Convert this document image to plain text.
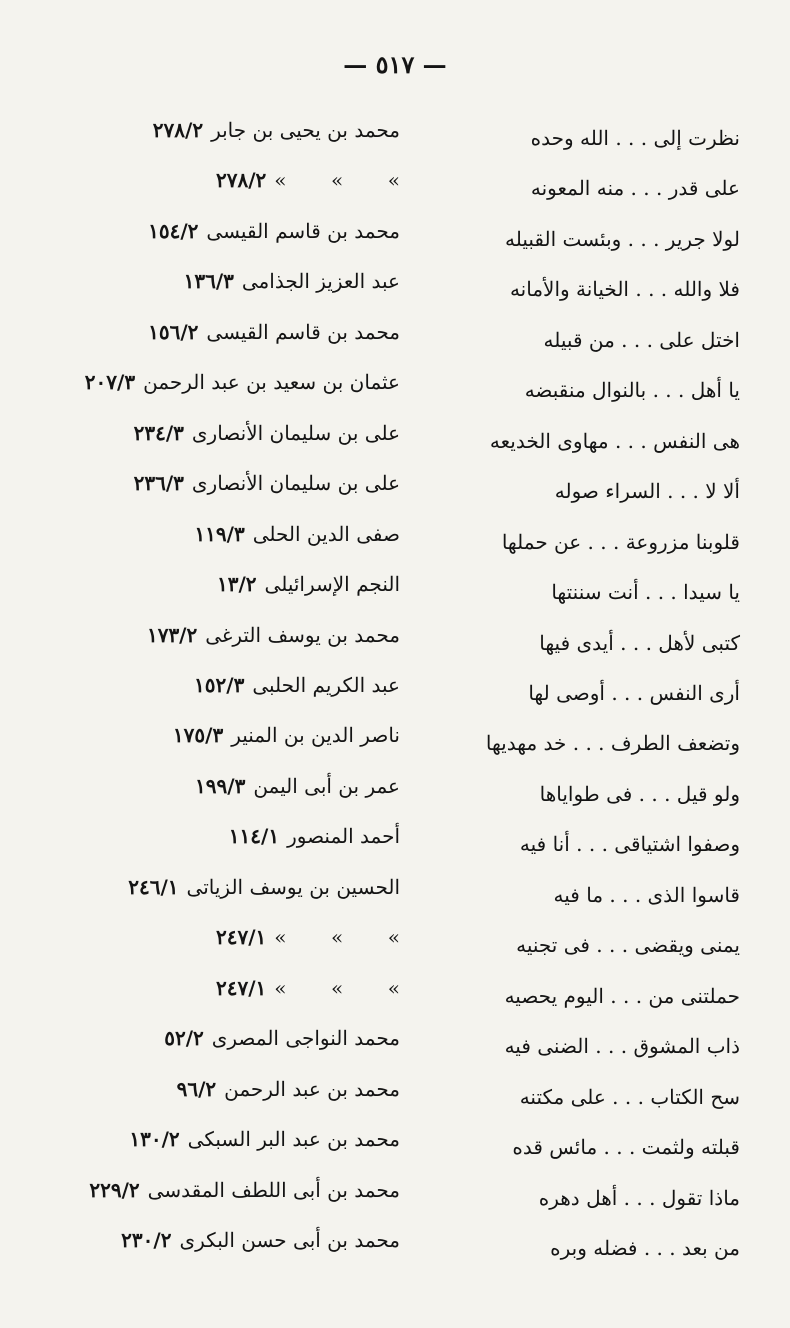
— ٥١٧ —
نظرت إلى . . . الله وحده
محمد بن يحيى بن جابر٢٧٨/٢
على قدر . . . منه المعونه
»       »       »٢٧٨/٢
لولا جرير . . . وبئست القبيله
محمد بن قاسم القيسى١٥٤/٢
فلا والله . . . الخيانة والأمانه
عبد العزيز الجذامى١٣٦/٣
اختل على . . . من قبيله
محمد بن قاسم القيسى١٥٦/٢
يا أهل . . . بالنوال منقبضه
عثمان بن سعيد بن عبد الرحمن٢٠٧/٣
هى النفس . . . مهاوى الخديعه
على بن سليمان الأنصارى٢٣٤/٣
ألا لا . . . السراء صوله
على بن سليمان الأنصارى٢٣٦/٣
قلوبنا مزروعة . . . عن حملها
صفى الدين الحلى١١٩/٣
يا سيدا . . . أنت سننتها
النجم الإسرائيلى١٣/٢
كتبى لأهل . . . أيدى فيها
محمد بن يوسف الترغى١٧٣/٢
أرى النفس . . . أوصى لها
عبد الكريم الحلبى١٥٢/٣
وتضعف الطرف . . . خد مهديها
ناصر الدين بن المنير١٧٥/٣
ولو قيل . . . فى طواياها
عمر بن أبى اليمن١٩٩/٣
وصفوا اشتياقى . . . أنا فيه
أحمد المنصور١١٤/١
قاسوا الذى . . . ما فيه
الحسين بن يوسف الزياتى٢٤٦/١
يمنى ويقضى . . . فى تجنيه
»       »       »٢٤٧/١
حملتنى من . . . اليوم يحصيه
»       »       »٢٤٧/١
ذاب المشوق . . . الضنى فيه
محمد النواجى المصرى٥٢/٢
سح الكتاب . . . على مكتنه
محمد بن عبد الرحمن٩٦/٢
قبلته ولثمت . . . مائس قده
محمد بن عبد البر السبكى١٣٠/٢
ماذا تقول . . . أهل دهره
محمد بن أبى اللطف المقدسى٢٢٩/٢
من بعد . . . فضله وبره
محمد بن أبى حسن البكرى٢٣٠/٢
